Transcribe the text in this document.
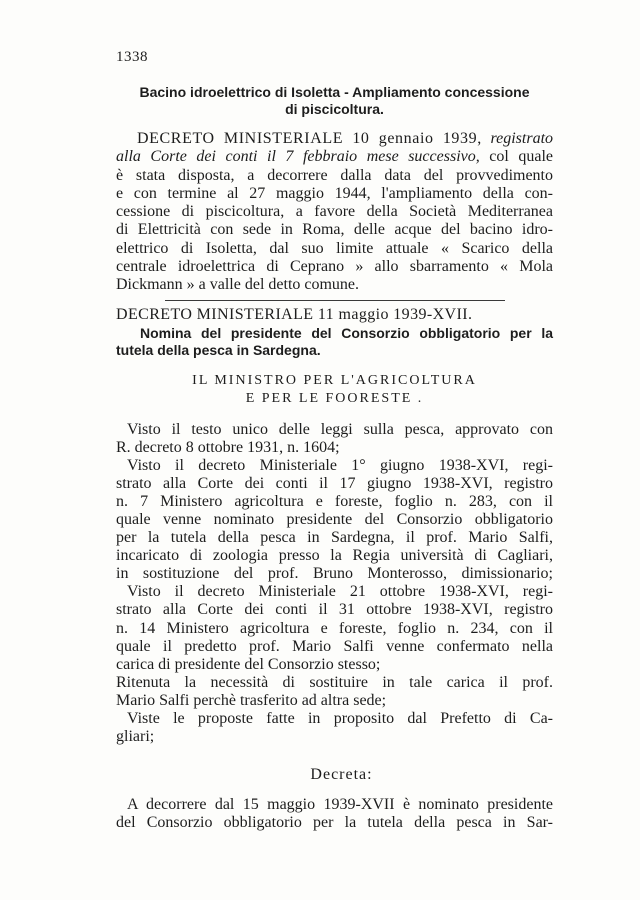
1338
Bacino idroelettrico di Isoletta - Ampliamento concessione
di piscicoltura.
DECRETO MINISTERIALE 10 gennaio 1939, registrato
alla Corte dei conti il 7 febbraio mese successivo, col quale
è stata disposta, a decorrere dalla data del provvedimento
e con termine al 27 maggio 1944, l'ampliamento della con-
cessione di piscicoltura, a favore della Società Mediterranea
di Elettricità con sede in Roma, delle acque del bacino idro-
elettrico di Isoletta, dal suo limite attuale « Scarico della
centrale idroelettrica di Ceprano » allo sbarramento « Mola
Dickmann » a valle del detto comune.
DECRETO MINISTERIALE 11 maggio 1939-XVII.
Nomina del presidente del Consorzio obbligatorio per la
tutela della pesca in Sardegna.
IL MINISTRO PER L'AGRICOLTURA
E PER LE FOORESTE .
Visto il testo unico delle leggi sulla pesca, approvato con
R. decreto 8 ottobre 1931, n. 1604;
Visto il decreto Ministeriale 1° giugno 1938-XVI, regi-
strato alla Corte dei conti il 17 giugno 1938-XVI, registro
n. 7 Ministero agricoltura e foreste, foglio n. 283, con il
quale venne nominato presidente del Consorzio obbligatorio
per la tutela della pesca in Sardegna, il prof. Mario Salfi,
incaricato di zoologia presso la Regia università di Cagliari,
in sostituzione del prof. Bruno Monterosso, dimissionario;
Visto il decreto Ministeriale 21 ottobre 1938-XVI, regi-
strato alla Corte dei conti il 31 ottobre 1938-XVI, registro
n. 14 Ministero agricoltura e foreste, foglio n. 234, con il
quale il predetto prof. Mario Salfi venne confermato nella
carica di presidente del Consorzio stesso;
Ritenuta la necessità di sostituire in tale carica il prof.
Mario Salfi perchè trasferito ad altra sede;
Viste le proposte fatte in proposito dal Prefetto di Ca-
gliari;
Decreta:
A decorrere dal 15 maggio 1939-XVII è nominato presidente
del Consorzio obbligatorio per la tutela della pesca in Sar-
